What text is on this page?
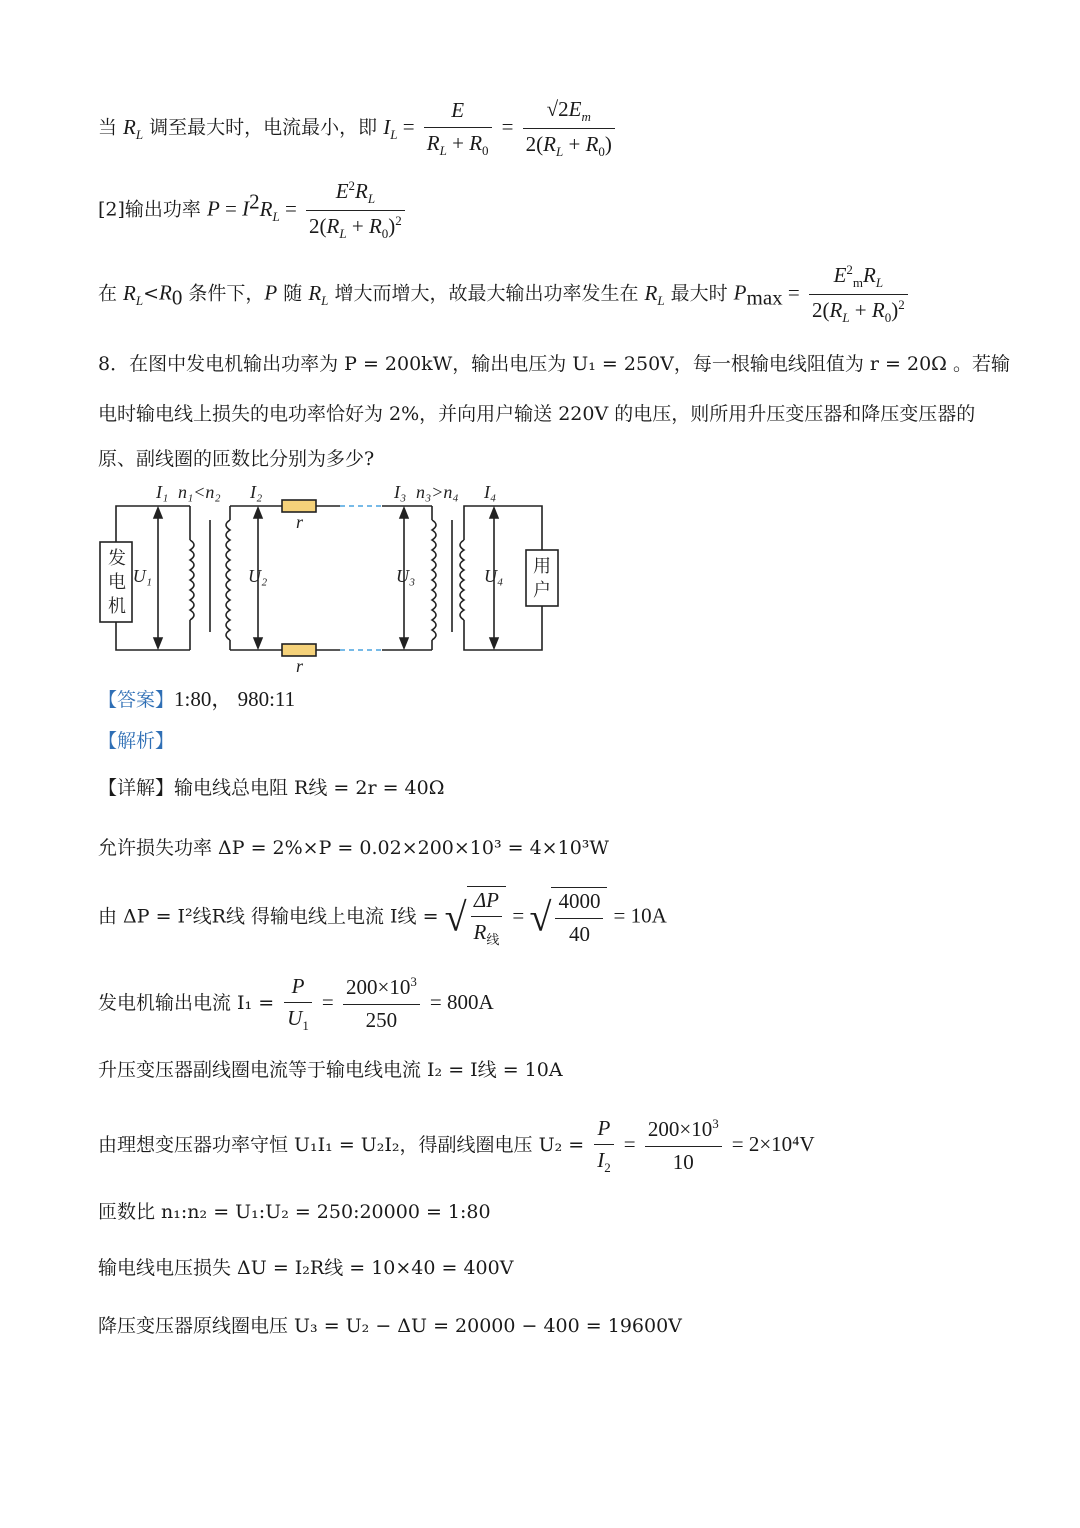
当 $R_L$ 调至最大时，电流最小，即 $I_L = \frac{E}{R_L + R_0} = \frac{√2E_m}{2(R_L + R_0)}$
[2]输出功率 $P = I^2R_L = \frac{E^2R_L}{2(R_L + R_0)^2}$
在 $R_L<R_0$ 条件下，P 随 $R_L$ 增大而增大，故最大输出功率发生在 $R_L$ 最大时 $P_{max} = \frac{E^2_mR_L}{2(R_L + R_0)^2}$
8．在图中发电机输出功率为 P = 200kW，输出电压为 U₁ = 250V，每一根输电线阻值为 r = 20Ω 。若输
电时输电线上损失的电功率恰好为 2%，并向用户输送 220V 的电压，则所用升压变压器和降压变压器的
原、副线圈的匝数比分别为多少?
发
电
机
U₁
r
r
U₂	U₃	U₄ 用
户
I₁ n₁<n₂ I₂	I₃ n₃>n₄ I₄
【答案】1:80， 980:11
【解析】
【详解】输电线总电阻 R线 = 2r = 40Ω
允许损失功率 ΔP = 2%×P = 0.02×200×10³ = 4×10³W
由 ΔP = I²线R线 得输电线上电流 I线 = √ $\frac{\Delta P}{R_线}$ = √ $\frac{4000}{40} = 10A$
发电机输出电流 $I_1 = \frac{P}{U_1} = \frac{200\times 10^3}{250} = 800A$
升压变压器副线圈电流等于输电线电流 I₂ = I线 = 10A
由理想变压器功率守恒 U₁I₁ = U₂I₂，得副线圈电压 $U_2 = \frac{P}{I_2} = \frac{200\times 10^3}{10} = 2\times 10^4V$
匝数比 n₁:n₂ = U₁:U₂ = 250:20000 = 1:80
输电线电压损失 ΔU = I₂R线 = 10×40 = 400V
降压变压器原线圈电压 U₃ = U₂ − ΔU = 20000 − 400 = 19600V
